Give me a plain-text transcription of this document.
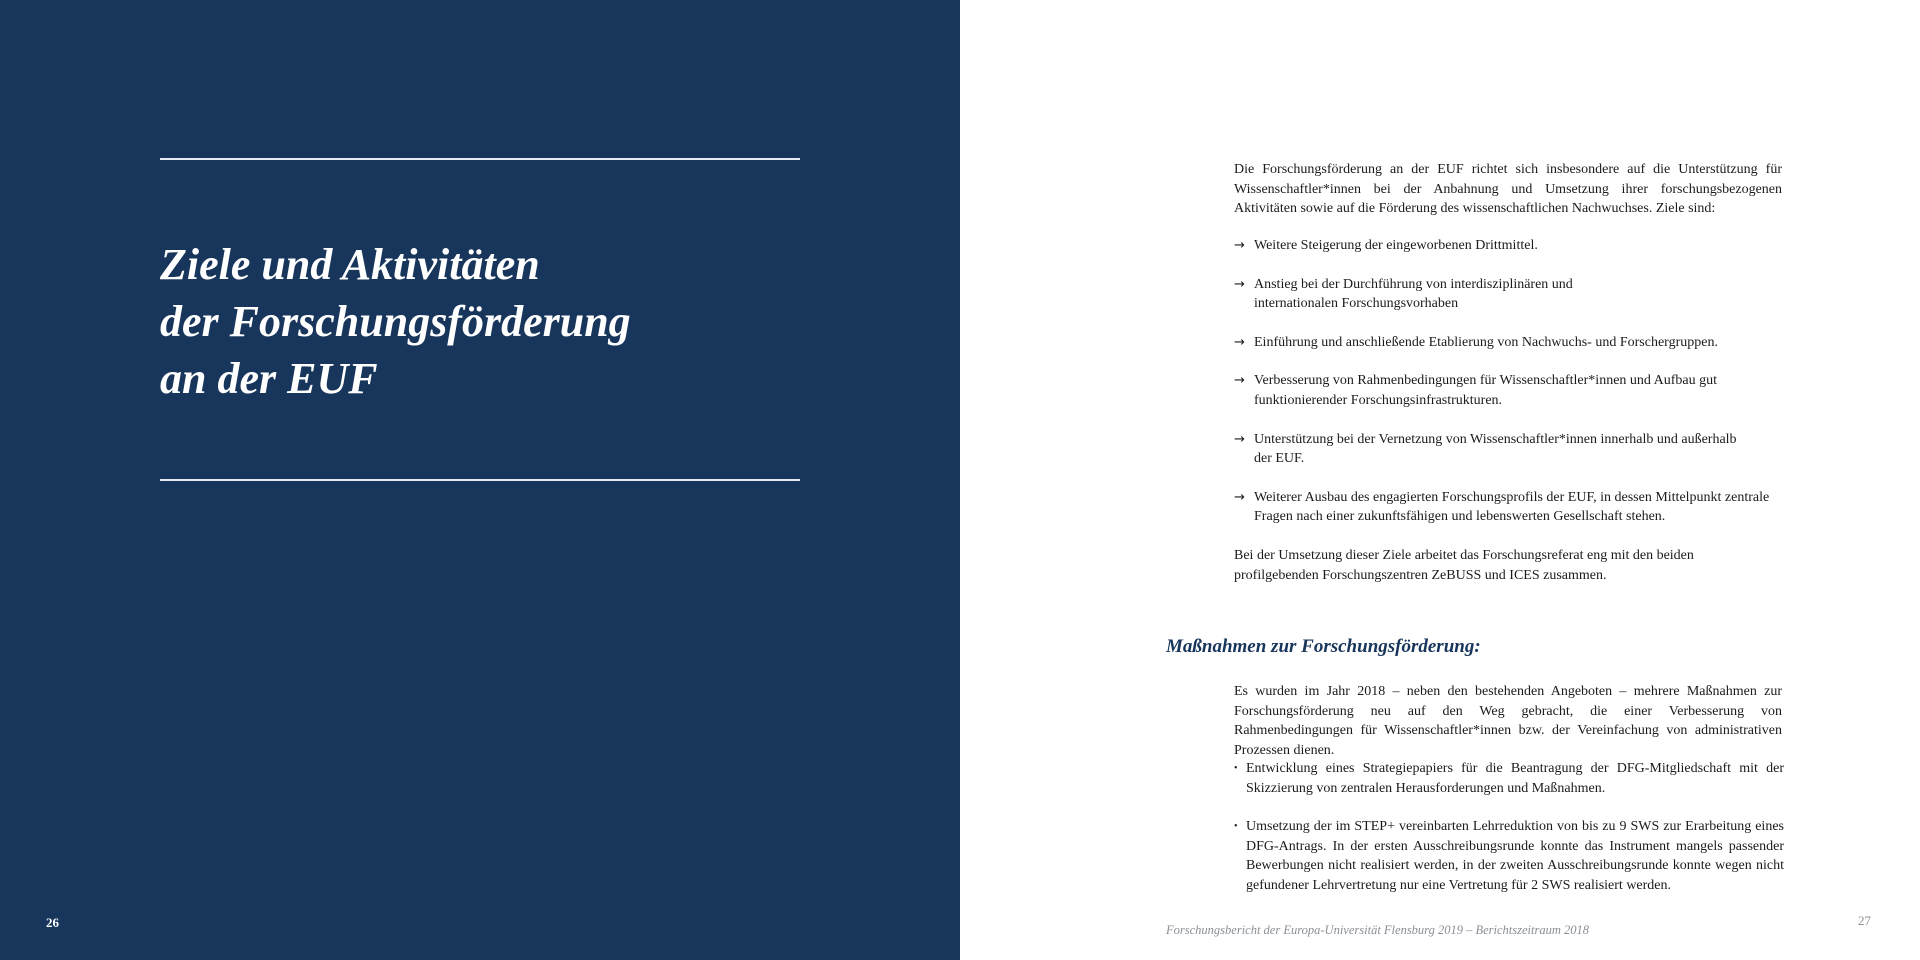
Ziele und Aktivitäten
der Forschungsförderung
an der EUF
26

Die Forschungsförderung an der EUF richtet sich insbesondere auf die Unterstützung für Wissenschaftler*innen bei der Anbahnung und Umsetzung ihrer forschungsbezogenen Aktivitäten sowie auf die Förderung des wissenschaftlichen Nachwuchses. Ziele sind:

→ Weitere Steigerung der eingeworbenen Drittmittel.
→ Anstieg bei der Durchführung von interdisziplinären und internationalen Forschungsvorhaben
→ Einführung und anschließende Etablierung von Nachwuchs- und Forschergruppen.
→ Verbesserung von Rahmenbedingungen für Wissenschaftler*innen und Aufbau gut funktionierender Forschungsinfrastrukturen.
→ Unterstützung bei der Vernetzung von Wissenschaftler*innen innerhalb und außerhalb der EUF.
→ Weiterer Ausbau des engagierten Forschungsprofils der EUF, in dessen Mittelpunkt zentrale Fragen nach einer zukunftsfähigen und lebenswerten Gesellschaft stehen.

Bei der Umsetzung dieser Ziele arbeitet das Forschungsreferat eng mit den beiden profilgebenden Forschungszentren ZeBUSS und ICES zusammen.

Maßnahmen zur Forschungsförderung:

Es wurden im Jahr 2018 – neben den bestehenden Angeboten – mehrere Maßnahmen zur Forschungsförderung neu auf den Weg gebracht, die einer Verbesserung von Rahmenbedingungen für Wissenschaftler*innen bzw. der Vereinfachung von administrativen Prozessen dienen.

• Entwicklung eines Strategiepapiers für die Beantragung der DFG-Mitgliedschaft mit der Skizzierung von zentralen Herausforderungen und Maßnahmen.
• Umsetzung der im STEP+ vereinbarten Lehrreduktion von bis zu 9 SWS zur Erarbeitung eines DFG-Antrags. In der ersten Ausschreibungsrunde konnte das Instrument mangels passender Bewerbungen nicht realisiert werden, in der zweiten Ausschreibungsrunde konnte wegen nicht gefundener Lehrvertretung nur eine Vertretung für 2 SWS realisiert werden.

Forschungsbericht der Europa-Universität Flensburg 2019 – Berichtszeitraum 2018

27
